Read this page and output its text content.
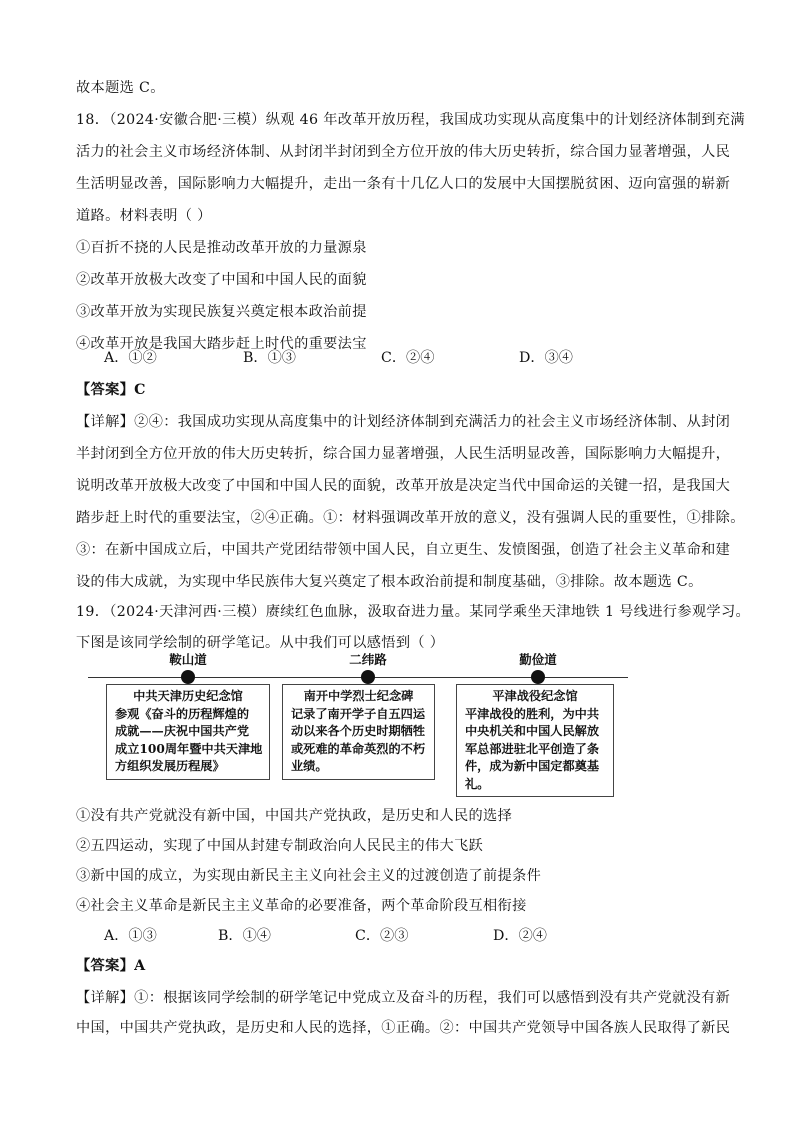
故本题选 C。
18．（2024·安徽合肥·三模）纵观 46 年改革开放历程，我国成功实现从高度集中的计划经济体制到充满
活力的社会主义市场经济体制、从封闭半封闭到全方位开放的伟大历史转折，综合国力显著增强，人民
生活明显改善，国际影响力大幅提升，走出一条有十几亿人口的发展中大国摆脱贫困、迈向富强的崭新
道路。材料表明（ ）
①百折不挠的人民是推动改革开放的力量源泉
②改革开放极大改变了中国和中国人民的面貌
③改革开放为实现民族复兴奠定根本政治前提
④改革开放是我国大踏步赶上时代的重要法宝
A．①②	B．①③	C．②④	D．③④
【答案】C
【详解】②④：我国成功实现从高度集中的计划经济体制到充满活力的社会主义市场经济体制、从封闭
半封闭到全方位开放的伟大历史转折，综合国力显著增强，人民生活明显改善，国际影响力大幅提升，
说明改革开放极大改变了中国和中国人民的面貌，改革开放是决定当代中国命运的关键一招，是我国大
踏步赶上时代的重要法宝，②④正确。①：材料强调改革开放的意义，没有强调人民的重要性，①排除。
③：在新中国成立后，中国共产党团结带领中国人民，自立更生、发愤图强，创造了社会主义革命和建
设的伟大成就，为实现中华民族伟大复兴奠定了根本政治前提和制度基础，③排除。故本题选 C。
19．（2024·天津河西·三模）赓续红色血脉，汲取奋进力量。某同学乘坐天津地铁 1 号线进行参观学习。
下图是该同学绘制的研学笔记。从中我们可以感悟到（ ）
鞍山道	二纬路	勤俭道
中共天津历史纪念馆
参观《奋斗的历程辉煌的
成就——庆祝中国共产党
成立100周年暨中共天津地
方组织发展历程展》
南开中学烈士纪念碑
记录了南开学子自五四运
动以来各个历史时期牺牲
或死难的革命英烈的不朽
业绩。
平津战役纪念馆
平津战役的胜利，为中共
中央机关和中国人民解放
军总部进驻北平创造了条
件，成为新中国定都奠基
礼。
①没有共产党就没有新中国，中国共产党执政，是历史和人民的选择
②五四运动，实现了中国从封建专制政治向人民民主的伟大飞跃
③新中国的成立，为实现由新民主主义向社会主义的过渡创造了前提条件
④社会主义革命是新民主主义革命的必要准备，两个革命阶段互相衔接
A．①③	B．①④	C．②③	D．②④
【答案】A
【详解】①：根据该同学绘制的研学笔记中党成立及奋斗的历程，我们可以感悟到没有共产党就没有新
中国，中国共产党执政，是历史和人民的选择，①正确。②：中国共产党领导中国各族人民取得了新民
